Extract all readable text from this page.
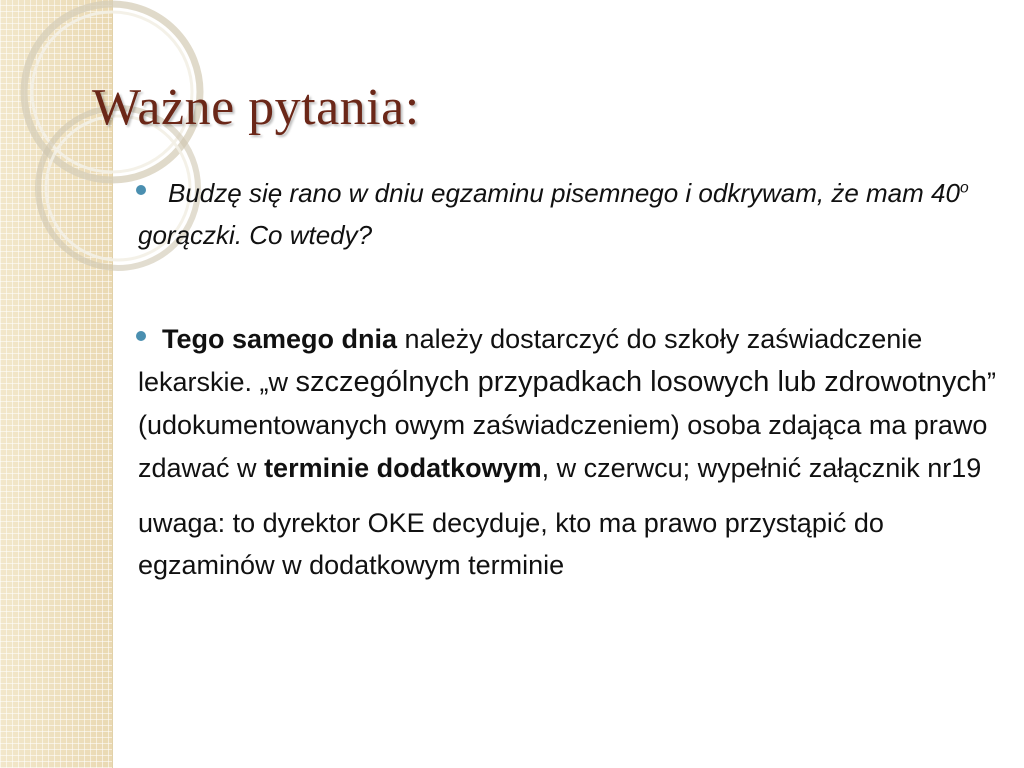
Ważne pytania:

Budzę się rano w dniu egzaminu pisemnego i odkrywam, że mam 40$^o$ gorączki. Co wtedy?

Tego samego dnia należy dostarczyć do szkoły zaświadczenie lekarskie. „w szczególnych przypadkach losowych lub zdrowotnych” (udokumentowanych owym zaświadczeniem) osoba zdająca ma prawo zdawać w terminie dodatkowym, w czerwcu; wypełnić załącznik nr19

uwaga: to dyrektor OKE decyduje, kto ma prawo przystąpić do egzaminów w dodatkowym terminie
